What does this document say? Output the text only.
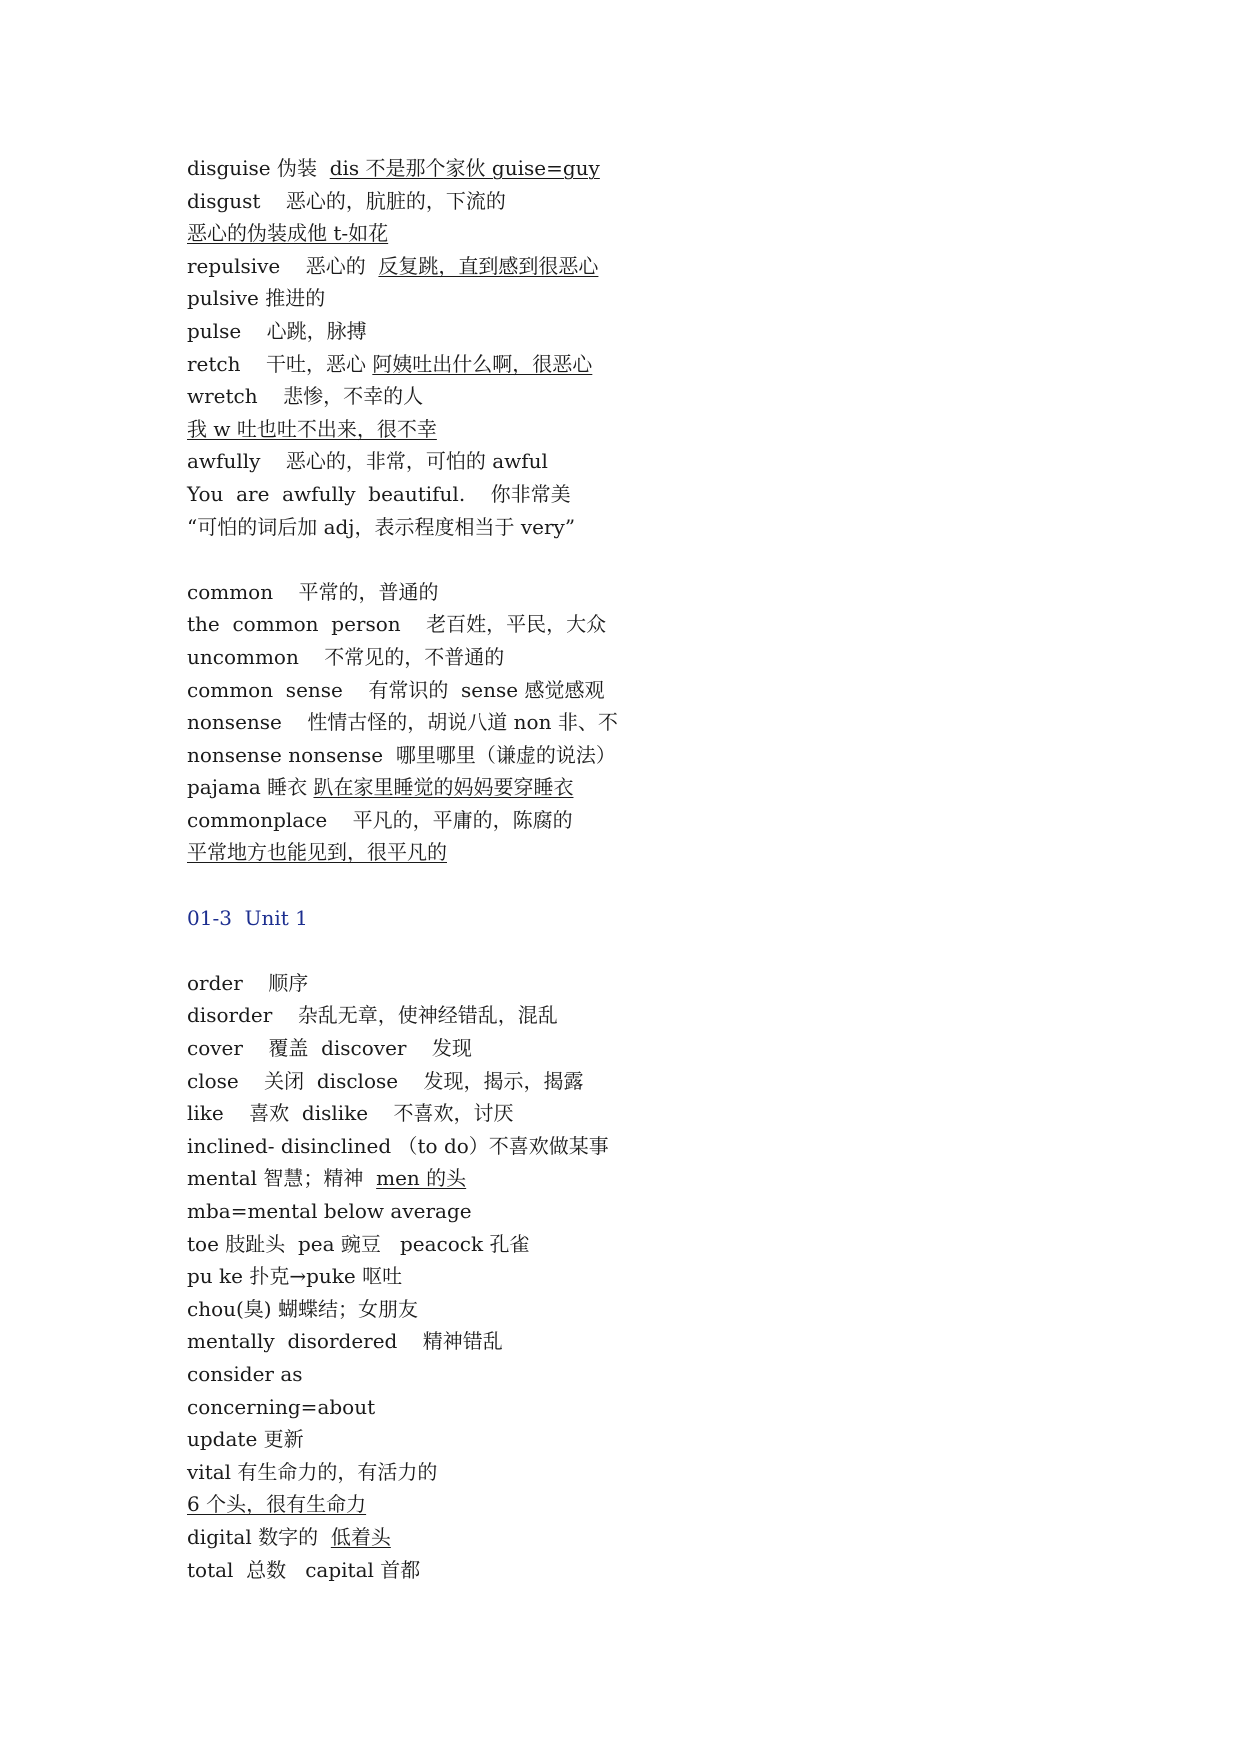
disguise 伪装  dis 不是那个家伙 guise=guy
disgust    恶心的，肮脏的，下流的
恶心的伪装成他 t-如花
repulsive    恶心的  反复跳，直到感到很恶心
pulsive 推进的
pulse    心跳，脉搏
retch    干吐，恶心 阿姨吐出什么啊，很恶心
wretch    悲惨，不幸的人
我 w 吐也吐不出来，很不幸
awfully    恶心的，非常，可怕的 awful
You  are  awfully  beautiful.    你非常美
“可怕的词后加 adj，表示程度相当于 very”
common    平常的，普通的
the  common  person    老百姓，平民，大众
uncommon    不常见的，不普通的
common  sense    有常识的  sense 感觉感观
nonsense    性情古怪的，胡说八道 non 非、不
nonsense nonsense  哪里哪里（谦虚的说法）
pajama 睡衣 趴在家里睡觉的妈妈要穿睡衣
commonplace    平凡的，平庸的，陈腐的
平常地方也能见到，很平凡的
01-3  Unit 1
order    顺序
disorder    杂乱无章，使神经错乱，混乱
cover    覆盖  discover    发现
close    关闭  disclose    发现，揭示，揭露
like    喜欢  dislike    不喜欢，讨厌
inclined- disinclined （to do）不喜欢做某事
mental 智慧；精神  men 的头
mba=mental below average
toe 肢趾头  pea 豌豆   peacock 孔雀
pu ke 扑克→puke 呕吐
chou(臭) 蝴蝶结；女朋友
mentally  disordered    精神错乱
consider as
concerning=about
update 更新
vital 有生命力的，有活力的
6 个头，很有生命力
digital 数字的  低着头
total  总数   capital 首都
